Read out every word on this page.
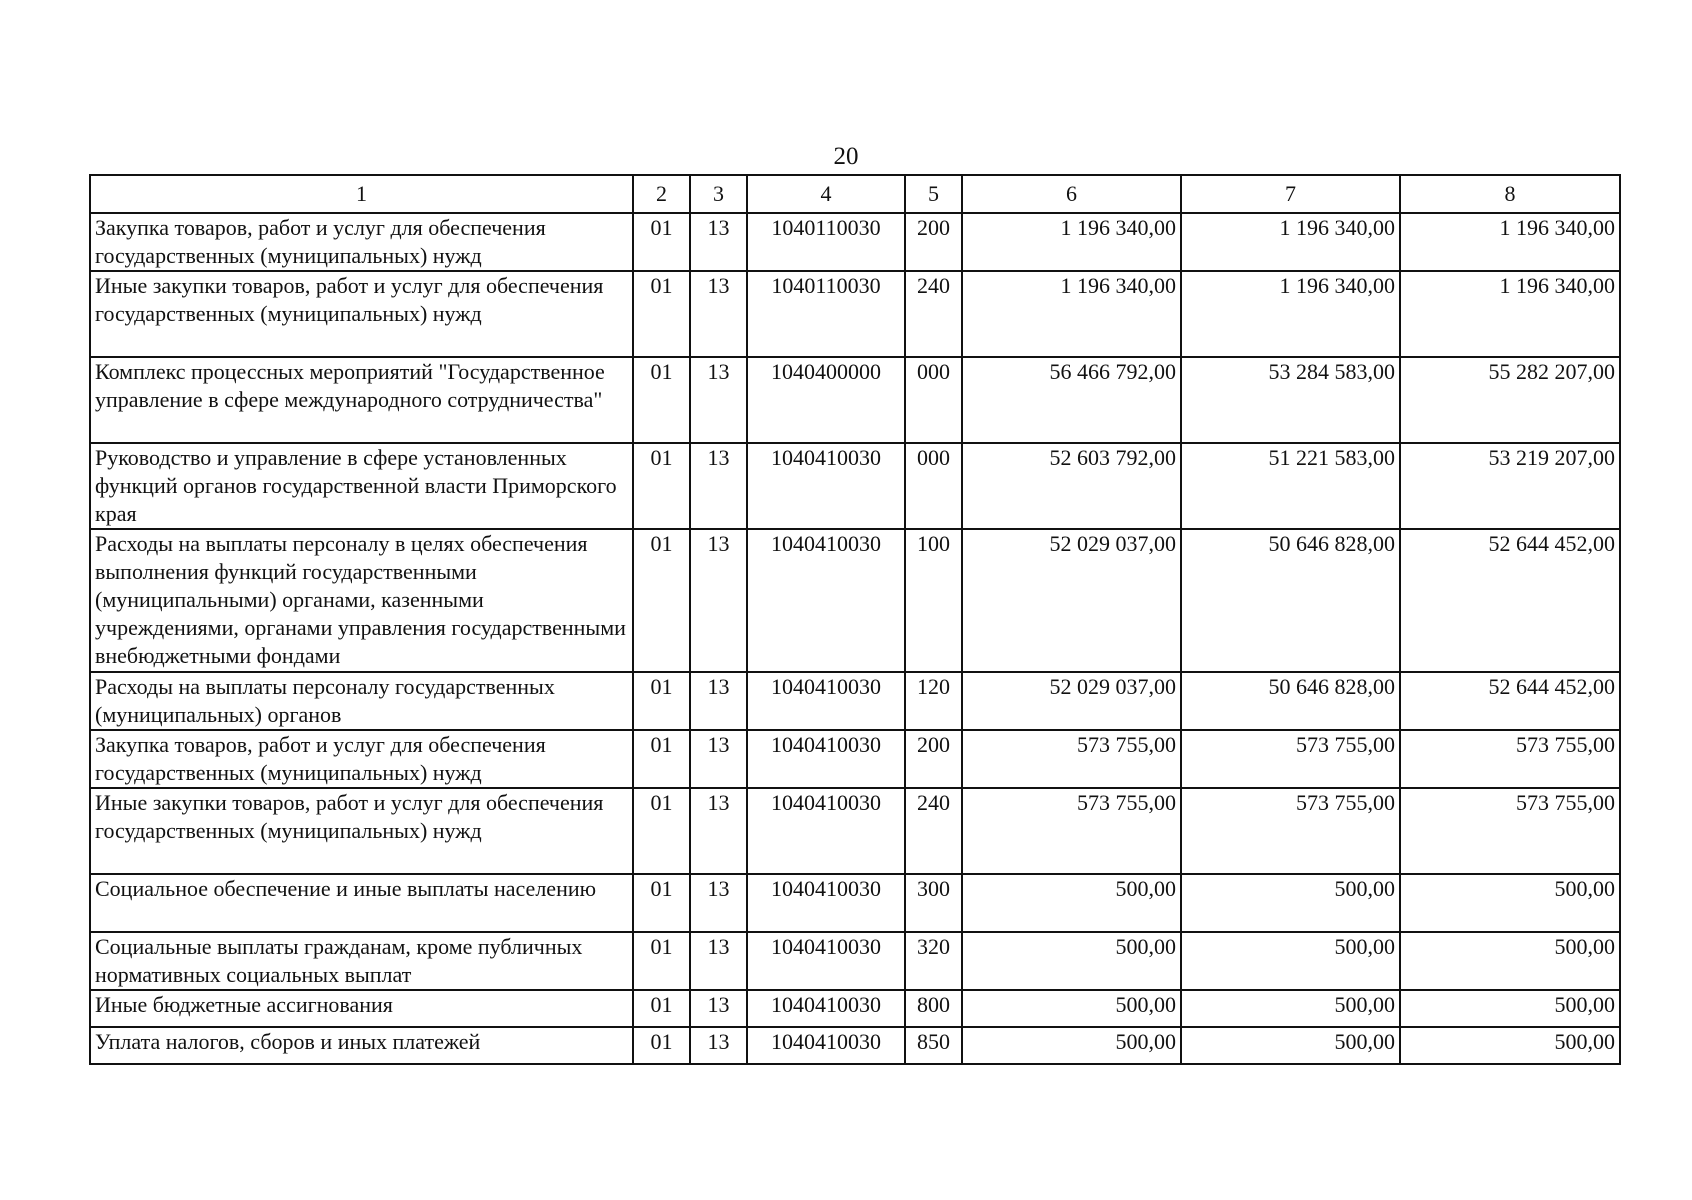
20
1	2	3	4	5	6	7	8
Закупка товаров, работ и услуг для обеспечения государственных (муниципальных) нужд	01	13	1040110030	200	1 196 340,00	1 196 340,00	1 196 340,00
Иные закупки товаров, работ и услуг для обеспечения государственных (муниципальных) нужд	01	13	1040110030	240	1 196 340,00	1 196 340,00	1 196 340,00
Комплекс процессных мероприятий "Государственное управление в сфере международного сотрудничества"	01	13	1040400000	000	56 466 792,00	53 284 583,00	55 282 207,00
Руководство и управление в сфере установленных функций органов государственной власти Приморского края	01	13	1040410030	000	52 603 792,00	51 221 583,00	53 219 207,00
Расходы на выплаты персоналу в целях обеспечения выполнения функций государственными (муниципальными) органами, казенными учреждениями, органами управления государственными внебюджетными фондами	01	13	1040410030	100	52 029 037,00	50 646 828,00	52 644 452,00
Расходы на выплаты персоналу государственных (муниципальных) органов	01	13	1040410030	120	52 029 037,00	50 646 828,00	52 644 452,00
Закупка товаров, работ и услуг для обеспечения государственных (муниципальных) нужд	01	13	1040410030	200	573 755,00	573 755,00	573 755,00
Иные закупки товаров, работ и услуг для обеспечения государственных (муниципальных) нужд	01	13	1040410030	240	573 755,00	573 755,00	573 755,00
Социальное обеспечение и иные выплаты населению	01	13	1040410030	300	500,00	500,00	500,00
Социальные выплаты гражданам, кроме публичных нормативных социальных выплат	01	13	1040410030	320	500,00	500,00	500,00
Иные бюджетные ассигнования	01	13	1040410030	800	500,00	500,00	500,00
Уплата налогов, сборов и иных платежей	01	13	1040410030	850	500,00	500,00	500,00
